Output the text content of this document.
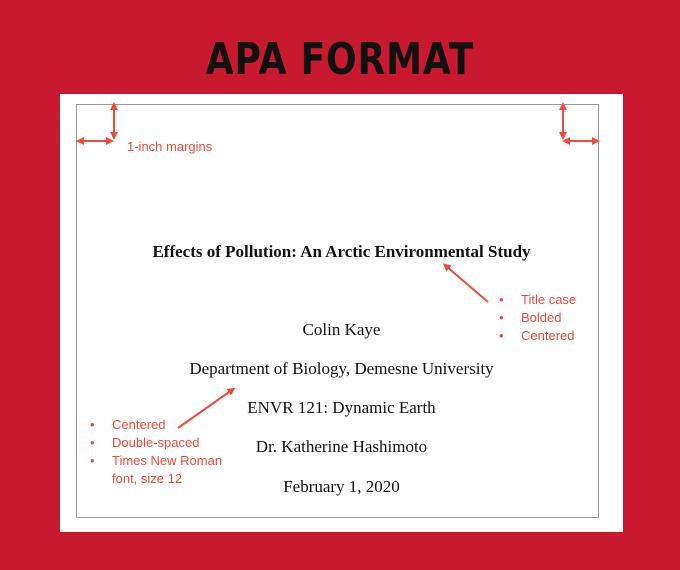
APA FORMAT
Effects of Pollution: An Arctic Environmental Study
Colin Kaye
Department of Biology, Demesne University
ENVR 121: Dynamic Earth
Dr. Katherine Hashimoto
February 1, 2020
1-inch margins
• Title case
• Bolded
• Centered
• Centered
• Double-spaced
• Times New Roman font, size 12
